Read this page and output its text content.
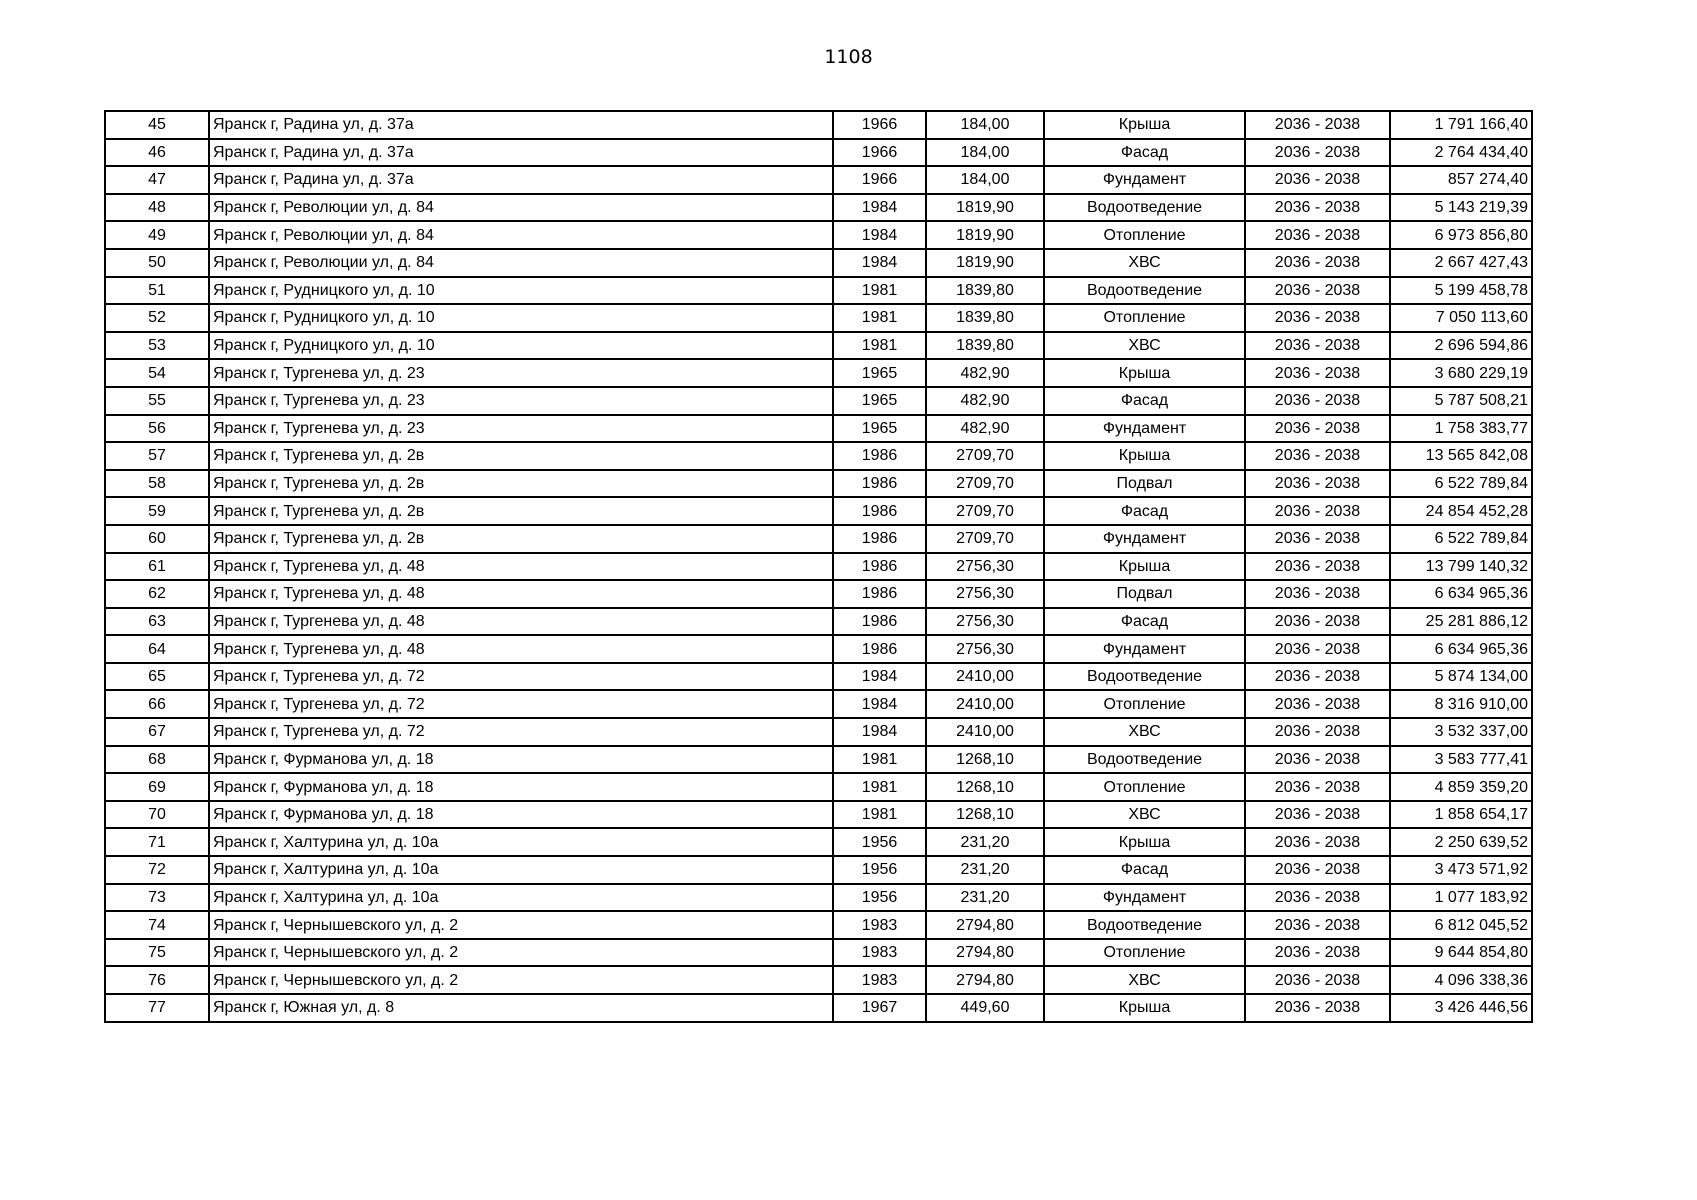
1108
45	Яранск г, Радина ул, д. 37а	1966	184,00	Крыша	2036 - 2038	1 791 166,40
46	Яранск г, Радина ул, д. 37а	1966	184,00	Фасад	2036 - 2038	2 764 434,40
47	Яранск г, Радина ул, д. 37а	1966	184,00	Фундамент	2036 - 2038	857 274,40
48	Яранск г, Революции ул, д. 84	1984	1819,90	Водоотведение	2036 - 2038	5 143 219,39
49	Яранск г, Революции ул, д. 84	1984	1819,90	Отопление	2036 - 2038	6 973 856,80
50	Яранск г, Революции ул, д. 84	1984	1819,90	ХВС	2036 - 2038	2 667 427,43
51	Яранск г, Рудницкого ул, д. 10	1981	1839,80	Водоотведение	2036 - 2038	5 199 458,78
52	Яранск г, Рудницкого ул, д. 10	1981	1839,80	Отопление	2036 - 2038	7 050 113,60
53	Яранск г, Рудницкого ул, д. 10	1981	1839,80	ХВС	2036 - 2038	2 696 594,86
54	Яранск г, Тургенева ул, д. 23	1965	482,90	Крыша	2036 - 2038	3 680 229,19
55	Яранск г, Тургенева ул, д. 23	1965	482,90	Фасад	2036 - 2038	5 787 508,21
56	Яранск г, Тургенева ул, д. 23	1965	482,90	Фундамент	2036 - 2038	1 758 383,77
57	Яранск г, Тургенева ул, д. 2в	1986	2709,70	Крыша	2036 - 2038	13 565 842,08
58	Яранск г, Тургенева ул, д. 2в	1986	2709,70	Подвал	2036 - 2038	6 522 789,84
59	Яранск г, Тургенева ул, д. 2в	1986	2709,70	Фасад	2036 - 2038	24 854 452,28
60	Яранск г, Тургенева ул, д. 2в	1986	2709,70	Фундамент	2036 - 2038	6 522 789,84
61	Яранск г, Тургенева ул, д. 48	1986	2756,30	Крыша	2036 - 2038	13 799 140,32
62	Яранск г, Тургенева ул, д. 48	1986	2756,30	Подвал	2036 - 2038	6 634 965,36
63	Яранск г, Тургенева ул, д. 48	1986	2756,30	Фасад	2036 - 2038	25 281 886,12
64	Яранск г, Тургенева ул, д. 48	1986	2756,30	Фундамент	2036 - 2038	6 634 965,36
65	Яранск г, Тургенева ул, д. 72	1984	2410,00	Водоотведение	2036 - 2038	5 874 134,00
66	Яранск г, Тургенева ул, д. 72	1984	2410,00	Отопление	2036 - 2038	8 316 910,00
67	Яранск г, Тургенева ул, д. 72	1984	2410,00	ХВС	2036 - 2038	3 532 337,00
68	Яранск г, Фурманова ул, д. 18	1981	1268,10	Водоотведение	2036 - 2038	3 583 777,41
69	Яранск г, Фурманова ул, д. 18	1981	1268,10	Отопление	2036 - 2038	4 859 359,20
70	Яранск г, Фурманова ул, д. 18	1981	1268,10	ХВС	2036 - 2038	1 858 654,17
71	Яранск г, Халтурина ул, д. 10а	1956	231,20	Крыша	2036 - 2038	2 250 639,52
72	Яранск г, Халтурина ул, д. 10а	1956	231,20	Фасад	2036 - 2038	3 473 571,92
73	Яранск г, Халтурина ул, д. 10а	1956	231,20	Фундамент	2036 - 2038	1 077 183,92
74	Яранск г, Чернышевского ул, д. 2	1983	2794,80	Водоотведение	2036 - 2038	6 812 045,52
75	Яранск г, Чернышевского ул, д. 2	1983	2794,80	Отопление	2036 - 2038	9 644 854,80
76	Яранск г, Чернышевского ул, д. 2	1983	2794,80	ХВС	2036 - 2038	4 096 338,36
77	Яранск г, Южная ул, д. 8	1967	449,60	Крыша	2036 - 2038	3 426 446,56
